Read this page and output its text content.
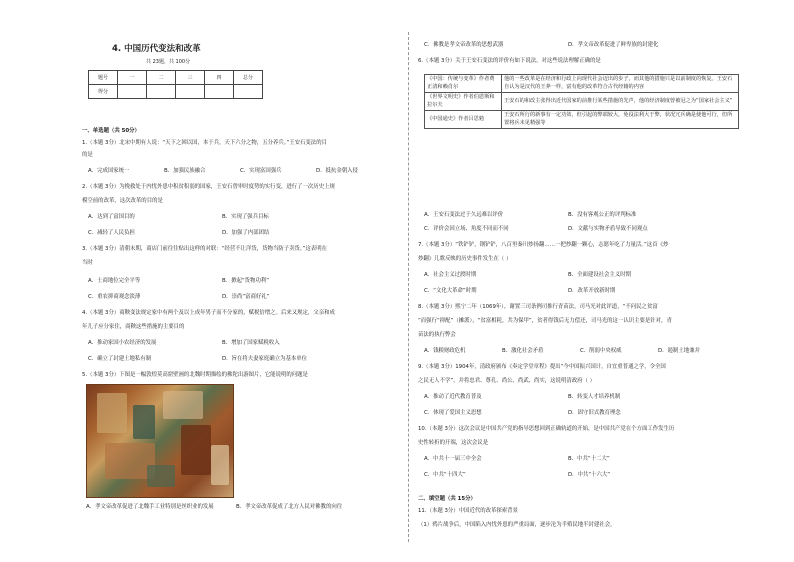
4. 中国历代变法和改革
共 23题，共 100分
题号	一	二	三	四	总分
得分					
一、单选题（共 50分）
1.（本题 3分）北宋中期有人说：“天下之困以国，本于兵，天下六分之物，五分养兵。”王安石变法的目
的是
A．完成国家统一	B．加强民族融合	C．实现富国强兵	D．抵抗金朝入侵
2.（本题 3分）为挽救处于内忧外患中积贫积弱的国家，王安石曾审时度势的实行变，进行了一次历史上规
模空前的改革，这次改革的目的是
A．达到了富国目的	B．实现了强兵目标
C．减轻了人民负担	D．加强了内部团结
3.（本题 3分）清朝末期，商店门前往往贴出这样的对联：“经营不让洋货，货物当防子卖货。”这表明在
当时
A．士商地位完全平等	B．掀起“货物功利”
C．重农抑商观念淡薄	D．崇尚“富商好礼”
4.（本题 3分）商鞅变法规定家中有两个及以上成年男子而不分家的，赋税倍增之。后来又规定，父亲和成
年儿子应分家住，商鞅这些措施的主要目的
A．推动家国小农经济的发展	B．增加了国家赋税收入
C．确立了封建土地私有制	D．旨在将夫妻家庭确立为基本单位
5.（本题 3分）下图是一幅敦煌莫高窟壁画的北魏时期描绘的佛陀出游图片，它能说明的问题是
A．孝文帝改革促进了北魏手工业特别是丝织业的发展	B．孝文帝改革促成了北方人民对佛教的向往
C．佛教是孝文帝改革的思想武器	D．孝文帝改革促进了鲜卑族的封建化
6.（本题 3分）关于王安石变法的评价有如下说法，对这些说法理解正确的是
《中国：传统与变革》作者费正清和赖肖尔	他的一些改革是在经济和行政上向现代社会迈出的步子，而其他的措施只是以前制度的恢复。王安石自认为是汉代的王莽一样，富有他的改革符合古代经籍的内容
《世界文明史》作者伯恩斯和拉尔夫	王安石的和改主张得出近代国家的前推行某些措施的先声，他的经济制度曾被冠之为“国家社会主义”
《中国通史》作者吕思勉	王安石所行的新事有一定功效，但引起的弊端较大，免役法利大于弊，状况冗兵确是使他可行，但所置将兵未见精强等
A．王安石变法过于久远难以评价	B．没有客观公正的评判标准
C．评价会因立场、角度不同而不同	D．文献与实物矛盾导致不同观点
7.（本题 3分）“铁铲铲，钢铲铲，八百里秦川炒扬翻……一把炒翻一颗心，志愿年吃了力量活。”这首《炒
炒翻》儿歌反映的历史事件发生在（ ）
A．社会主义过渡时期	B．全面建设社会主义时期
C．“文化大革命”时期	D．改革开放新时期
8.（本题 3分）熙宁二年（1069年），谢置三司条例司推行青苗法，司马光对此评道，“不问民之贫富
”而强行“抑配”（摊派），“贫富相耗，共为保甲”，贫者得钱后无力偿还，司马光的这一认识主要是针对，青
苗法的执行弊会
A．钱粮财政危机	B．激化社会矛盾	C．削弱中央权威	D．遏制土地兼并
9.（本题 3分）1904年，清政府颁布《奏定学堂章程》提出“今中国振兴国计，自宜重普通之学，令全国
之民无人不学”，并将忠君、尊孔、尚公、尚武、尚实，这说明清政府（ ）
A．推动了近代教育普及	B．转变人才培养机制
C．体现了爱国主义思想	D．固守旧式教育理念
10.（本题 3分）这次会议是中国共产党的指导思想回到正确轨道的开始，是中国共产党在个方面工作发生历
史性转折的开端，这次会议是
A．中共十一届三中全会	B．中共“十二大”
C．中共“十四大”	D．中共“十六大”
二、填空题（共 15分）
11.（本题 3分）中国近代的改革探索背景
（1）鸦片战争后，中国陷入内忧外患的严重局面，逐步沦为半殖民地半封建社会。
